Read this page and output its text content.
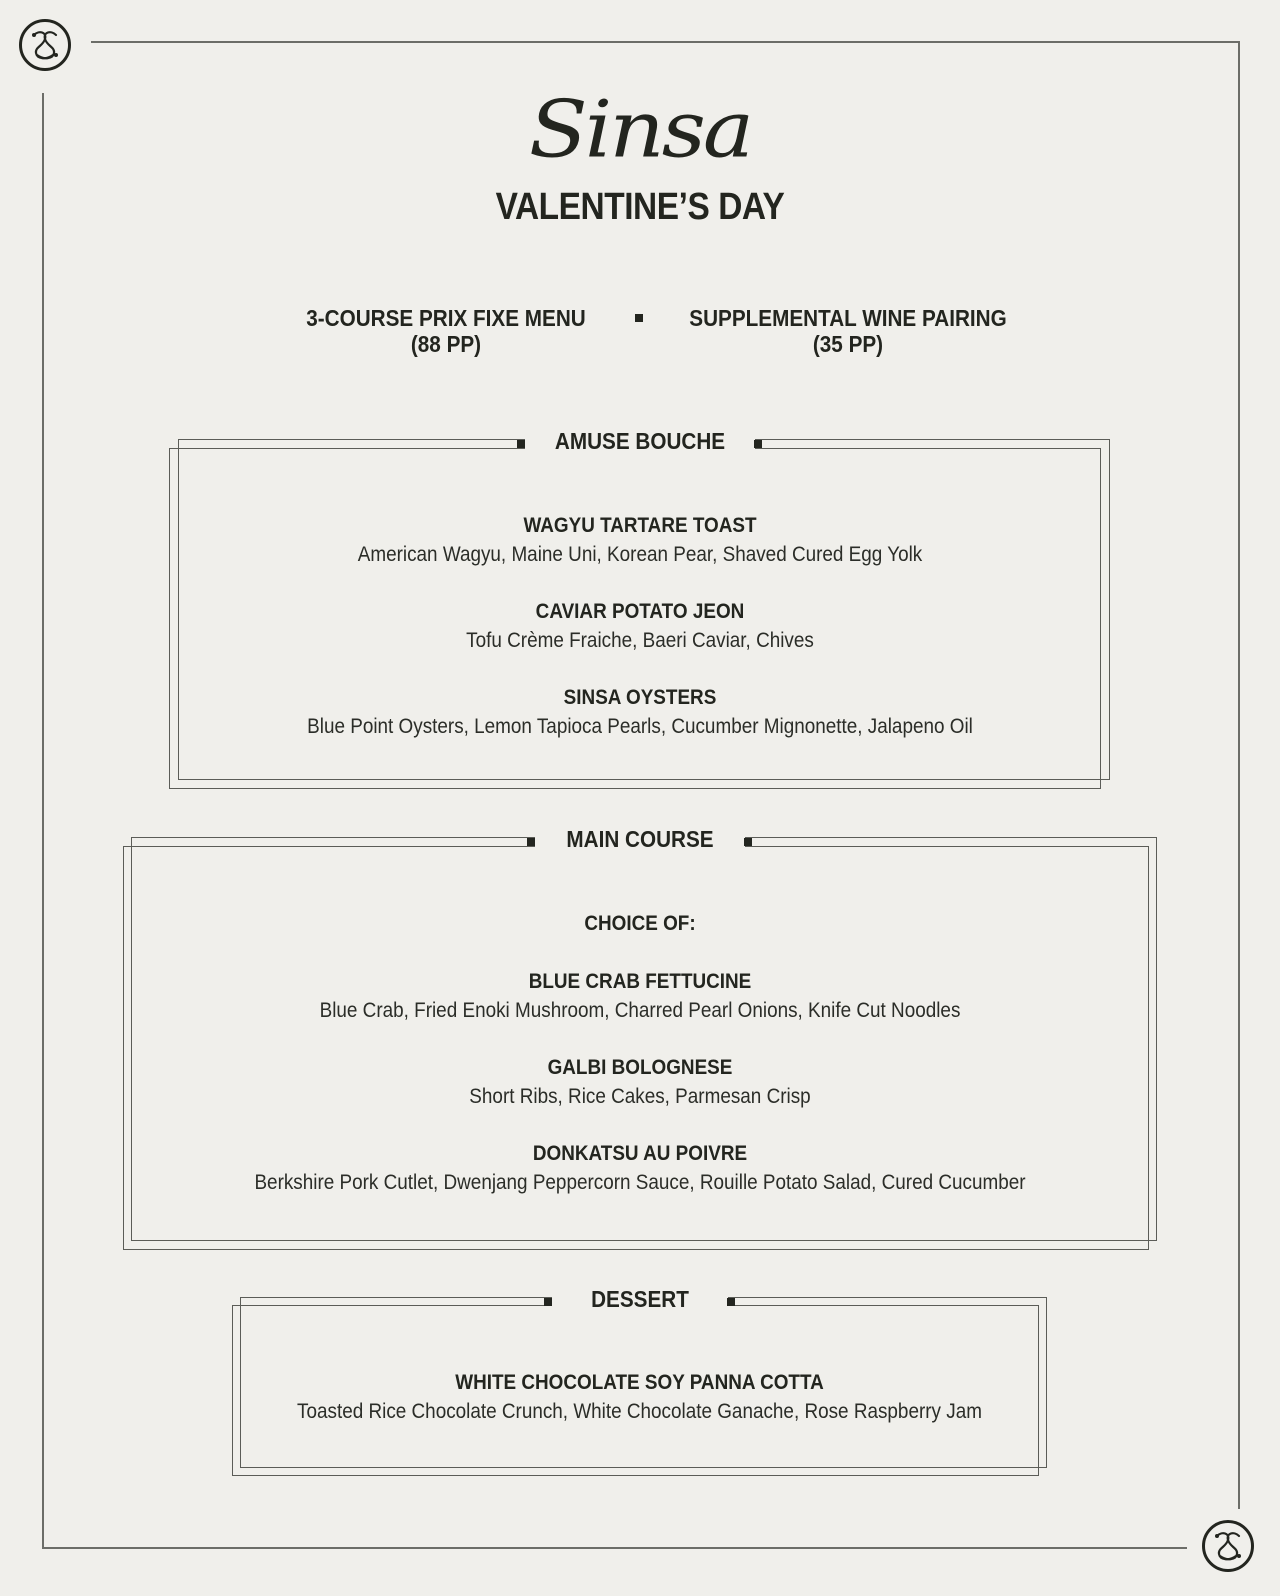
Sinsa
VALENTINE’S DAY
3-COURSE PRIX FIXE MENU
(88 PP)
SUPPLEMENTAL WINE PAIRING
(35 PP)
AMUSE BOUCHE
WAGYU TARTARE TOAST
American Wagyu, Maine Uni, Korean Pear, Shaved Cured Egg Yolk
CAVIAR POTATO JEON
Tofu Crème Fraiche, Baeri Caviar, Chives
SINSA OYSTERS
Blue Point Oysters, Lemon Tapioca Pearls, Cucumber Mignonette, Jalapeno Oil
MAIN COURSE
CHOICE OF:
BLUE CRAB FETTUCINE
Blue Crab, Fried Enoki Mushroom, Charred Pearl Onions, Knife Cut Noodles
GALBI BOLOGNESE
Short Ribs, Rice Cakes, Parmesan Crisp
DONKATSU AU POIVRE
Berkshire Pork Cutlet, Dwenjang Peppercorn Sauce, Rouille Potato Salad, Cured Cucumber
DESSERT
WHITE CHOCOLATE SOY PANNA COTTA
Toasted Rice Chocolate Crunch, White Chocolate Ganache, Rose Raspberry Jam
